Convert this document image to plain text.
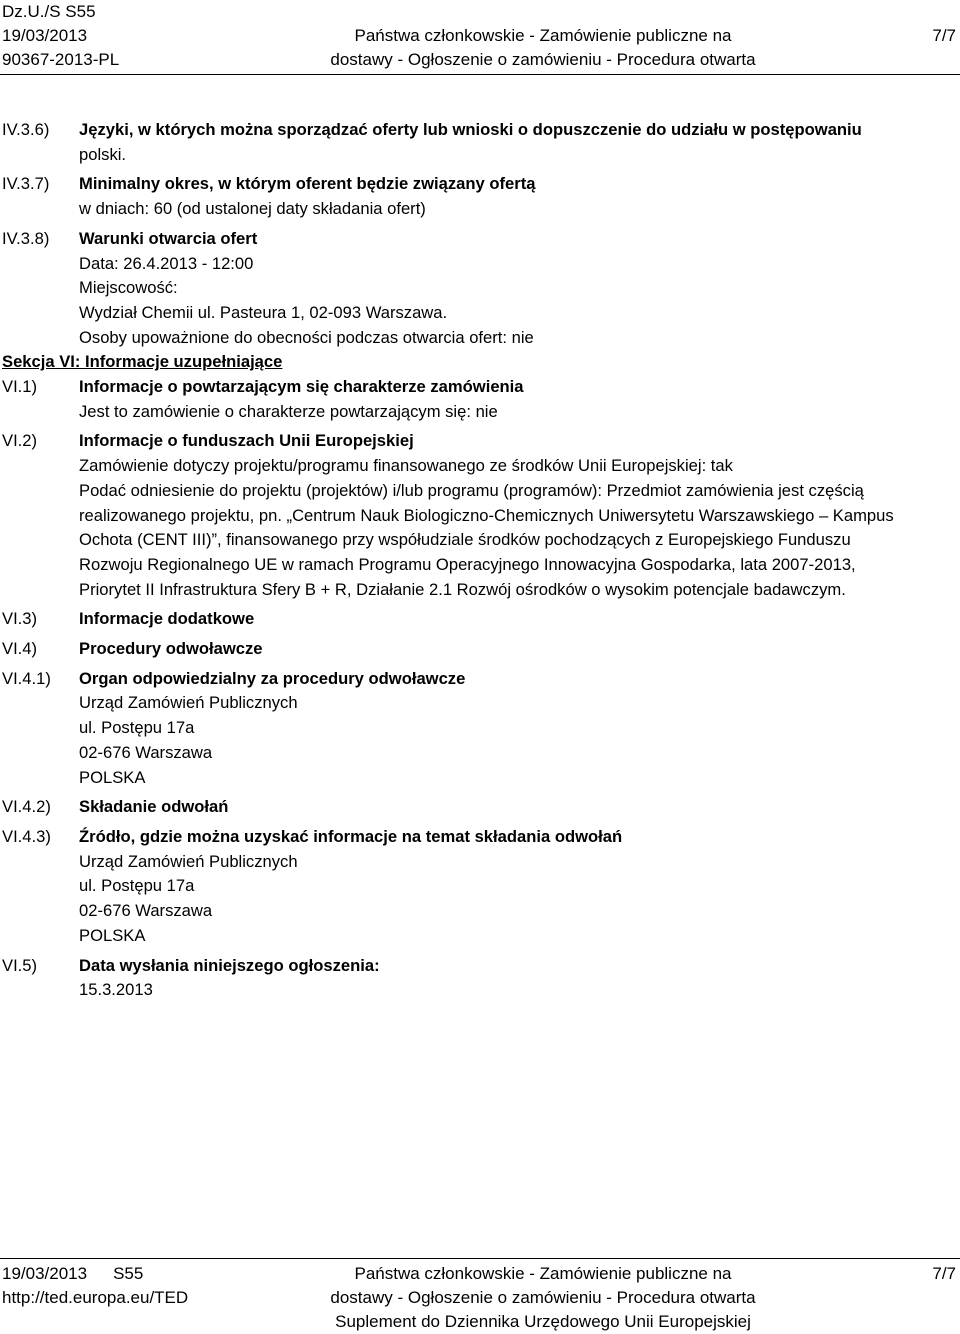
Dz.U./S S55
19/03/2013
90367-2013-PL
Państwa członkowskie - Zamówienie publiczne na
dostawy - Ogłoszenie o zamówieniu - Procedura otwarta
7/7
IV.3.6) Języki, w których można sporządzać oferty lub wnioski o dopuszczenie do udziału w postępowaniu
polski.
IV.3.7) Minimalny okres, w którym oferent będzie związany ofertą
w dniach: 60 (od ustalonej daty składania ofert)
IV.3.8) Warunki otwarcia ofert
Data: 26.4.2013 - 12:00
Miejscowość:
Wydział Chemii ul. Pasteura 1, 02-093 Warszawa.
Osoby upoważnione do obecności podczas otwarcia ofert: nie
Sekcja VI: Informacje uzupełniające
VI.1)	Informacje o powtarzającym się charakterze zamówienia
Jest to zamówienie o charakterze powtarzającym się: nie
VI.2)	Informacje o funduszach Unii Europejskiej
Zamówienie dotyczy projektu/programu finansowanego ze środków Unii Europejskiej: tak
Podać odniesienie do projektu (projektów) i/lub programu (programów): Przedmiot zamówienia jest częścią
realizowanego projektu, pn. „Centrum Nauk Biologiczno-Chemicznych Uniwersytetu Warszawskiego – Kampus
Ochota (CENT III)”, finansowanego przy współudziale środków pochodzących z Europejskiego Funduszu
Rozwoju Regionalnego UE w ramach Programu Operacyjnego Innowacyjna Gospodarka, lata 2007-2013,
Priorytet II Infrastruktura Sfery B + R, Działanie 2.1 Rozwój ośrodków o wysokim potencjale badawczym.
VI.3)	Informacje dodatkowe
VI.4)	Procedury odwoławcze
VI.4.1) Organ odpowiedzialny za procedury odwoławcze
Urząd Zamówień Publicznych
ul. Postępu 17a
02-676 Warszawa
POLSKA
VI.4.2) Składanie odwołań
VI.4.3) Źródło, gdzie można uzyskać informacje na temat składania odwołań
Urząd Zamówień Publicznych
ul. Postępu 17a
02-676 Warszawa
POLSKA
VI.5)	Data wysłania niniejszego ogłoszenia:
15.3.2013
19/03/2013 S55
http://ted.europa.eu/TED
Państwa członkowskie - Zamówienie publiczne na
dostawy - Ogłoszenie o zamówieniu - Procedura otwarta
Suplement do Dziennika Urzędowego Unii Europejskiej
7/7
